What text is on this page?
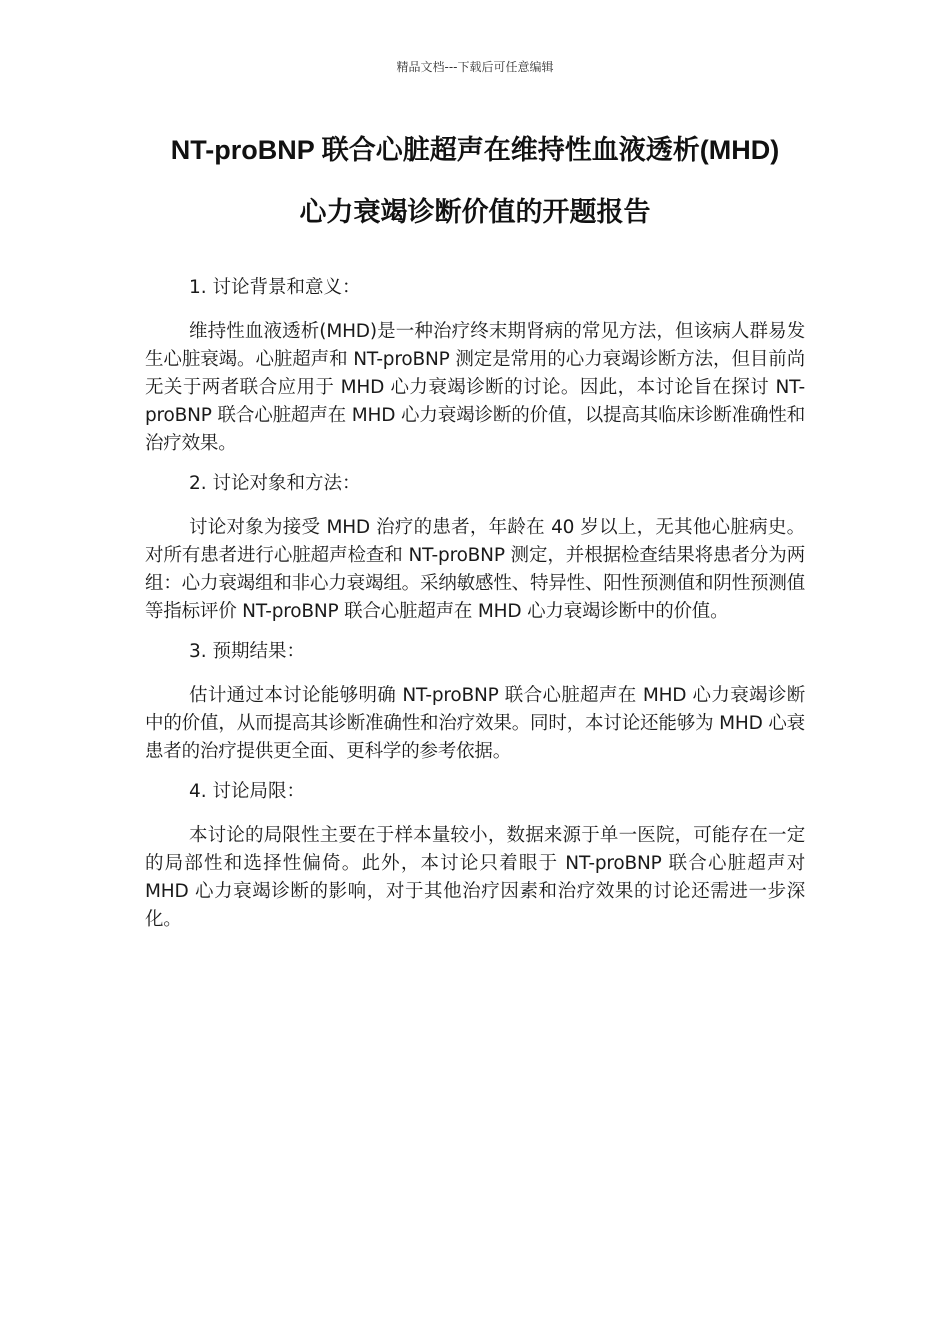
精品文档---下载后可任意编辑
NT-proBNP 联合心脏超声在维持性血液透析(MHD)
心力衰竭诊断价值的开题报告

1. 讨论背景和意义：

维持性血液透析(MHD)是一种治疗终末期肾病的常见方法，但该病人群易发生心脏衰竭。心脏超声和 NT-proBNP 测定是常用的心力衰竭诊断方法，但目前尚无关于两者联合应用于 MHD 心力衰竭诊断的讨论。因此，本讨论旨在探讨 NT-proBNP 联合心脏超声在 MHD 心力衰竭诊断的价值，以提高其临床诊断准确性和治疗效果。

2. 讨论对象和方法：

讨论对象为接受 MHD 治疗的患者，年龄在 40 岁以上，无其他心脏病史。对所有患者进行心脏超声检查和 NT-proBNP 测定，并根据检查结果将患者分为两组：心力衰竭组和非心力衰竭组。采纳敏感性、特异性、阳性预测值和阴性预测值等指标评价 NT-proBNP 联合心脏超声在 MHD 心力衰竭诊断中的价值。

3. 预期结果：

估计通过本讨论能够明确 NT-proBNP 联合心脏超声在 MHD 心力衰竭诊断中的价值，从而提高其诊断准确性和治疗效果。同时，本讨论还能够为 MHD 心衰患者的治疗提供更全面、更科学的参考依据。

4. 讨论局限：

本讨论的局限性主要在于样本量较小，数据来源于单一医院，可能存在一定的局部性和选择性偏倚。此外，本讨论只着眼于 NT-proBNP 联合心脏超声对 MHD 心力衰竭诊断的影响，对于其他治疗因素和治疗效果的讨论还需进一步深化。
